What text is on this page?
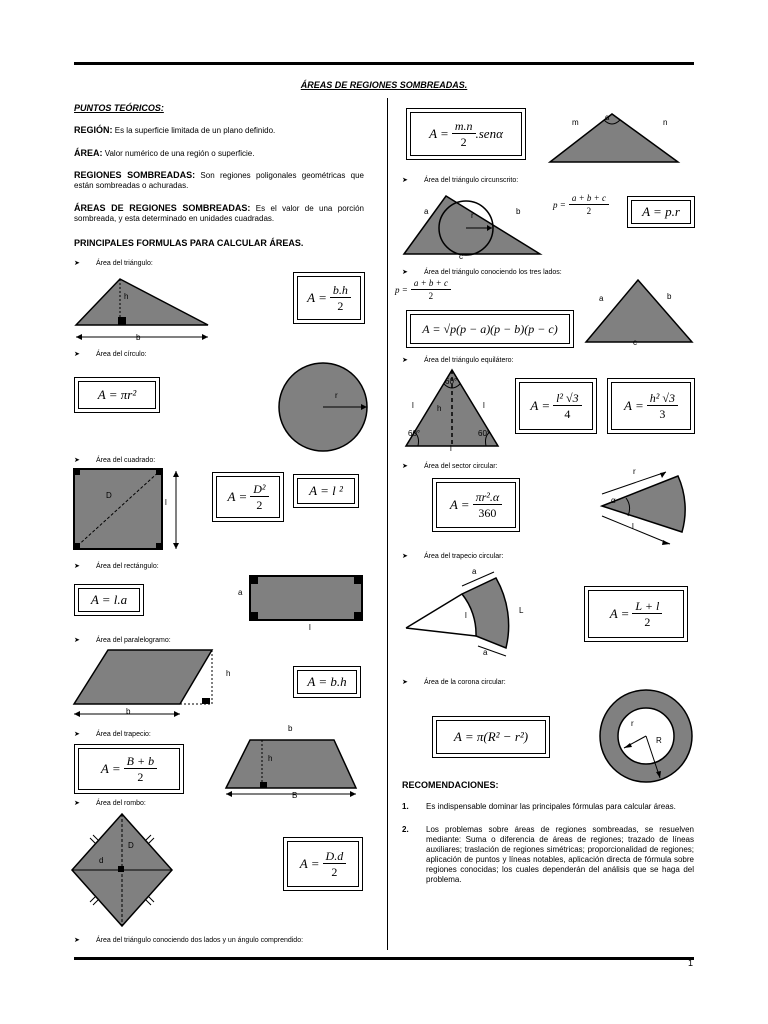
ÁREAS DE REGIONES SOMBREADAS.
1
PUNTOS TEÓRICOS:
REGIÓN: Es la superficie limitada de un plano definido.
ÁREA: Valor numérico de una región o superficie.
REGIONES SOMBREADAS: Son regiones poligonales geométricas que están sombreadas o achuradas.
ÁREAS DE REGIONES SOMBREADAS: Es el valor de una porción sombreada, y esta determinado en unidades cuadradas.
PRINCIPALES FORMULAS PARA CALCULAR ÁREAS.
➤ Área del triángulo:
h
b
$A = \frac{b.h}{2}$
➤ Área del círculo:
A = πr²	r
➤ Área del cuadrado:
D
l	$A = \frac{\text{D²}}{2}$	A = l ²
➤ Área del rectángulo:
A = l.a	a
l
➤ Área del paralelogramo:
h
b
A = b.h
➤ Área del trapecio:
$A = \frac{B + b}{2}$
b
h
B
➤ Área del rombo:
D
d	$A = \frac{D.d}{2}$
➤ Área del triángulo conociendo dos lados y un ángulo comprendido:
$A = \frac{m.n}{2} .sen\alpha$
m
α
n
➤ Área del triángulo circunscrito:
a	r	b
c
$p = \frac{a + b + c}{2}$	A = p.r
➤ Área del triángulo conociendo los tres lados:
$p = \frac{a + b + c}{2}$
A = √p(p − a)(p − b)(p − c)
a	b
c
➤ Área del triángulo equilátero:
60°
60°	60°
l	h	l
l
$A = \frac{\text{l² √3}}{4}$	$A = \frac{\text{h² √3}}{3}$
➤ Área del sector circular:
$A = \frac{\text{πr².α}}{360}$
r
α
l
➤ Área del trapecio circular:
a
l
L
a
$A = \frac{L + l}{2}$
➤ Área de la corona circular:
A = π(R² − r²)
r
R
RECOMENDACIONES:
1. Es indispensable dominar las principales fórmulas para calcular áreas.
2. Los problemas sobre áreas de regiones sombreadas, se resuelven mediante: Suma o diferencia de áreas de regiones; trazado de líneas auxiliares; traslación de regiones simétricas; proporcionalidad de regiones; aplicación de puntos y líneas notables, aplicación directa de fórmula sobre regiones conocidas; los cuales dependerán del análisis que se haga del problema.
